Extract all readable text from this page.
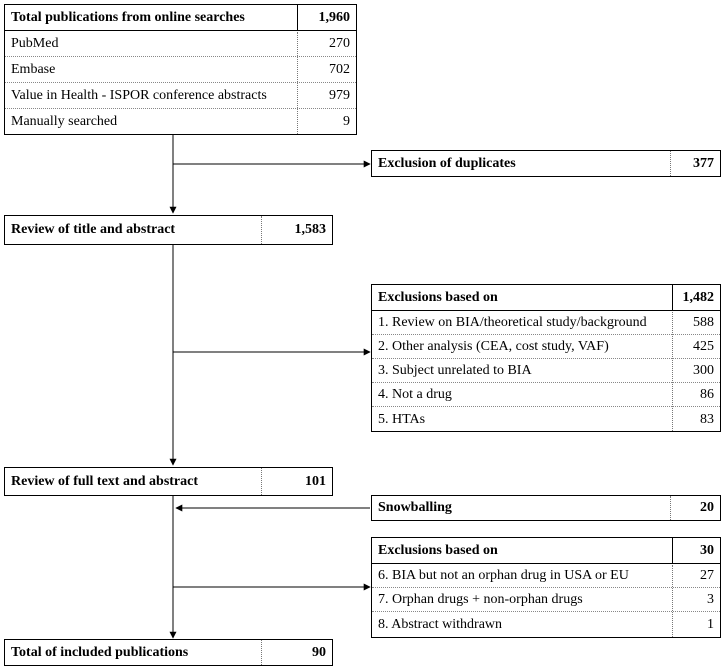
Total publications from online searches	1,960
PubMed	270
Embase	702
Value in Health - ISPOR conference abstracts	979
Manually searched	9
Exclusion of duplicates	377
Review of title and abstract	1,583
Exclusions based on	1,482
1. Review on BIA/theoretical study/background	588
2. Other analysis (CEA, cost study, VAF)	425
3. Subject unrelated to BIA	300
4. Not a drug	86
5. HTAs	83
Review of full text and abstract	101
Snowballing	20
Exclusions based on	30
6. BIA but not an orphan drug in USA or EU	27
7. Orphan drugs + non-orphan drugs	3
8. Abstract withdrawn	1
Total of included publications	90
